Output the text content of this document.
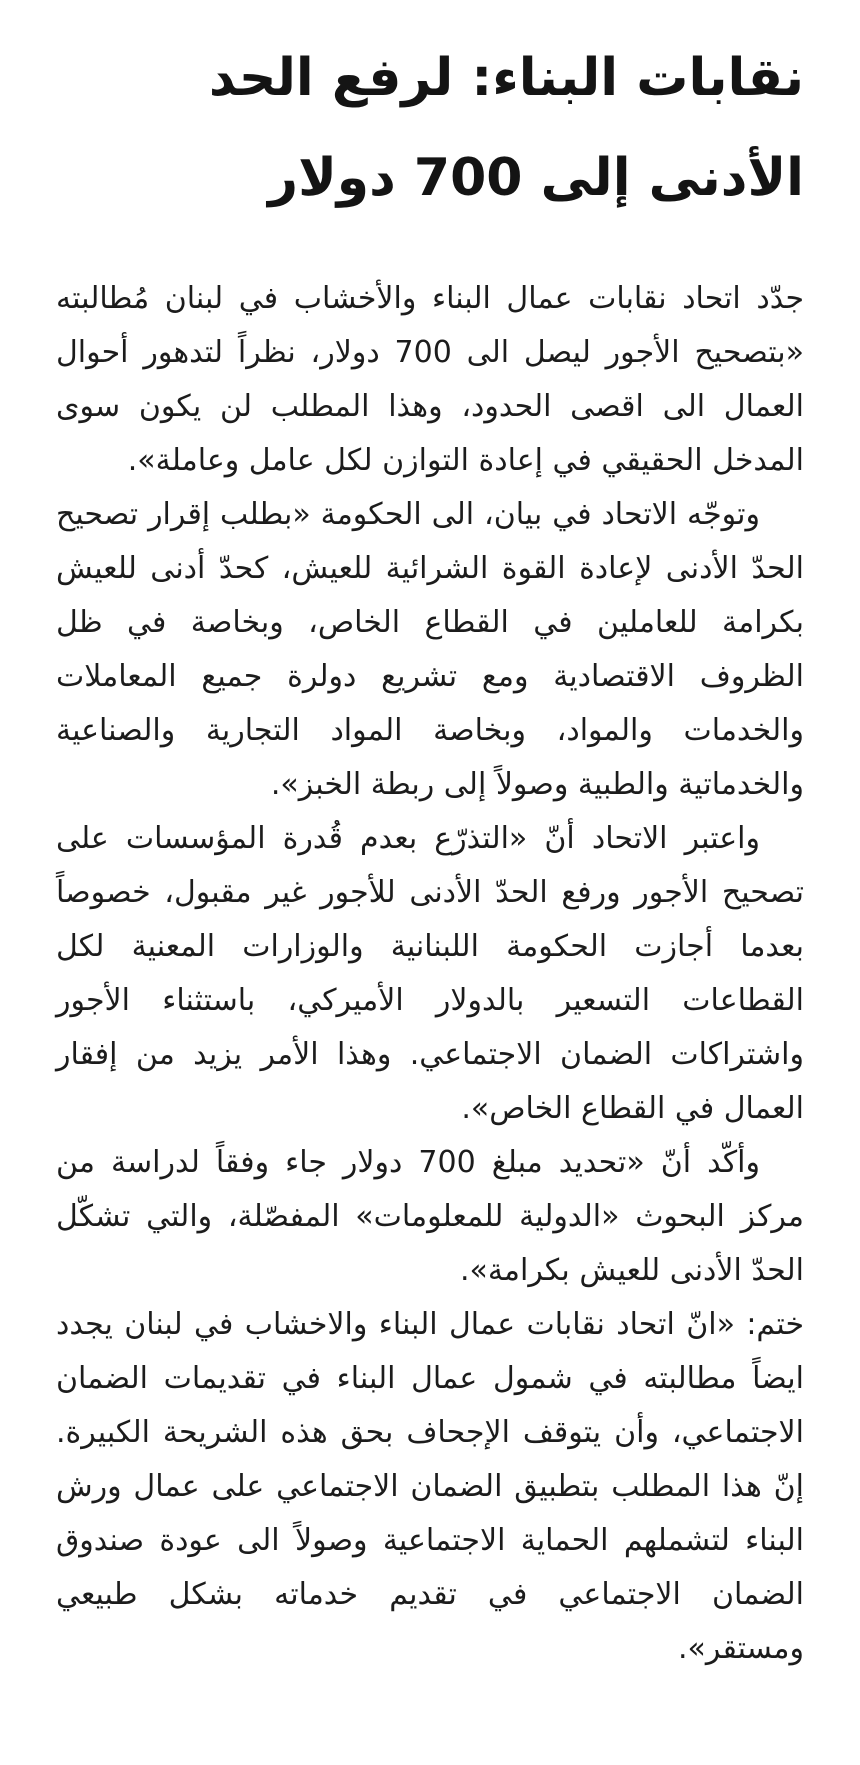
نقابات البناء: لرفع الحد
الأدنى إلى 700 دولار

جدّد اتحاد نقابات عمال البناء والأخشاب في لبنان مُطالبته «بتصحيح الأجور ليصل الى 700 دولار، نظراً لتدهور أحوال العمال الى اقصى الحدود، وهذا المطلب لن يكون سوى المدخل الحقيقي في إعادة التوازن لكل عامل وعاملة».

وتوجّه الاتحاد في بيان، الى الحكومة «بطلب إقرار تصحيح الحدّ الأدنى لإعادة القوة الشرائية للعيش، كحدّ أدنى للعيش بكرامة للعاملين في القطاع الخاص، وبخاصة في ظل الظروف الاقتصادية ومع تشريع دولرة جميع المعاملات والخدمات والمواد، وبخاصة المواد التجارية والصناعية والخدماتية والطبية وصولاً إلى ربطة الخبز».

واعتبر الاتحاد أنّ «التذرّع بعدم قُدرة المؤسسات على تصحيح الأجور ورفع الحدّ الأدنى للأجور غير مقبول، خصوصاً بعدما أجازت الحكومة اللبنانية والوزارات المعنية لكل القطاعات التسعير بالدولار الأميركي، باستثناء الأجور واشتراكات الضمان الاجتماعي. وهذا الأمر يزيد من إفقار العمال في القطاع الخاص».

وأكّد أنّ «تحديد مبلغ 700 دولار جاء وفقاً لدراسة من مركز البحوث «الدولية للمعلومات» المفصّلة، والتي تشكّل الحدّ الأدنى للعيش بكرامة».

ختم: «انّ اتحاد نقابات عمال البناء والاخشاب في لبنان يجدد ايضاً مطالبته في شمول عمال البناء في تقديمات الضمان الاجتماعي، وأن يتوقف الإجحاف بحق هذه الشريحة الكبيرة. إنّ هذا المطلب بتطبيق الضمان الاجتماعي على عمال ورش البناء لتشملهم الحماية الاجتماعية وصولاً الى عودة صندوق الضمان الاجتماعي في تقديم خدماته بشكل طبيعي ومستقر».
